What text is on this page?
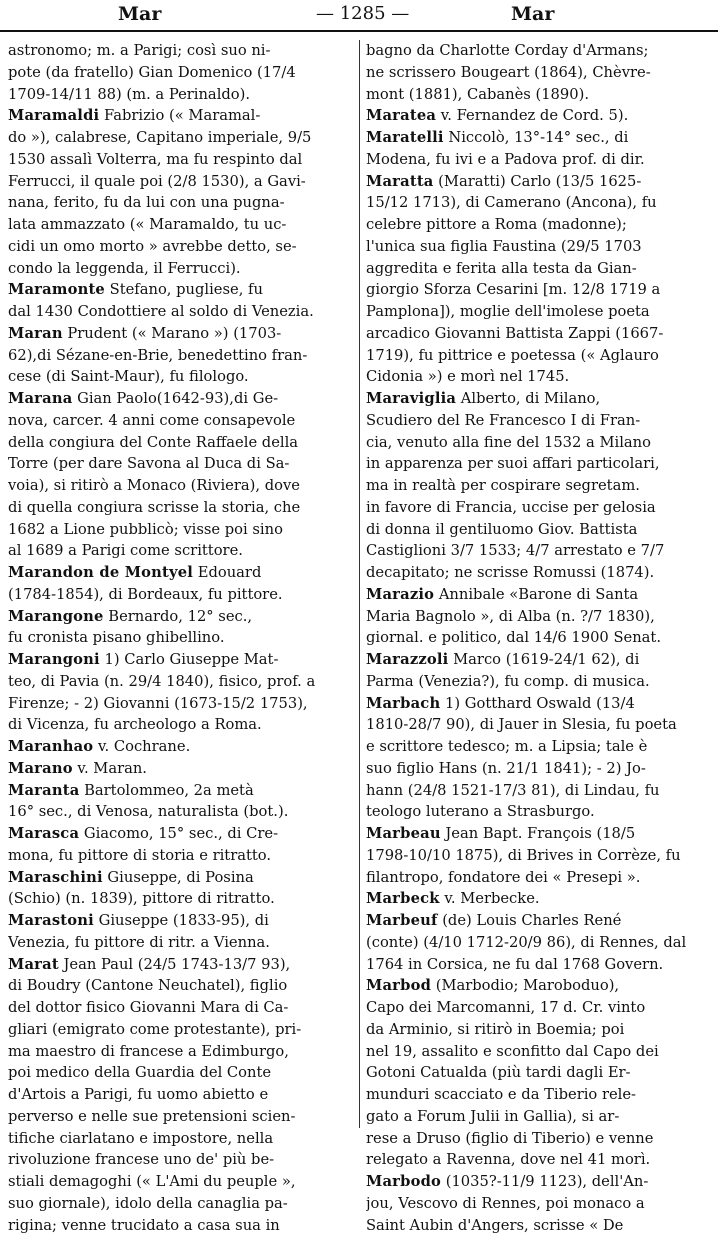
Mar	— 1285 —	Mar
astronomo; m. a Parigi; così suo ni-
pote (da fratello) Gian Domenico (17/4
1709-14/11 88) (m. a Perinaldo).
Maramaldi Fabrizio (« Maramal-
do »), calabrese, Capitano imperiale, 9/5
1530 assalì Volterra, ma fu respinto dal
Ferrucci, il quale poi (2/8 1530), a Gavi-
nana, ferito, fu da lui con una pugna-
lata ammazzato (« Maramaldo, tu uc-
cidi un omo morto » avrebbe detto, se-
condo la leggenda, il Ferrucci).
Maramonte Stefano, pugliese, fu
dal 1430 Condottiere al soldo di Venezia.
Maran Prudent (« Marano ») (1703-
62),di Sézane-en-Brie, benedettino fran-
cese (di Saint-Maur), fu filologo.
Marana Gian Paolo(1642-93),di Ge-
nova, carcer. 4 anni come consapevole
della congiura del Conte Raffaele della
Torre (per dare Savona al Duca di Sa-
voia), si ritirò a Monaco (Riviera), dove
di quella congiura scrisse la storia, che
1682 a Lione pubblicò; visse poi sino
al 1689 a Parigi come scrittore.
Marandon de Montyel Edouard
(1784-1854), di Bordeaux, fu pittore.
Marangone Bernardo, 12° sec.,
fu cronista pisano ghibellino.
Marangoni 1) Carlo Giuseppe Mat-
teo, di Pavia (n. 29/4 1840), fisico, prof. a
Firenze; - 2) Giovanni (1673-15/2 1753),
di Vicenza, fu archeologo a Roma.
Maranhao v. Cochrane.
Marano v. Maran.
Maranta Bartolommeo, 2a metà
16° sec., di Venosa, naturalista (bot.).
Marasca Giacomo, 15° sec., di Cre-
mona, fu pittore di storia e ritratto.
Maraschini Giuseppe, di Posina
(Schio) (n. 1839), pittore di ritratto.
Marastoni Giuseppe (1833-95), di
Venezia, fu pittore di ritr. a Vienna.
Marat Jean Paul (24/5 1743-13/7 93),
di Boudry (Cantone Neuchatel), figlio
del dottor fisico Giovanni Mara di Ca-
gliari (emigrato come protestante), pri-
ma maestro di francese a Edimburgo,
poi medico della Guardia del Conte
d'Artois a Parigi, fu uomo abietto e
perverso e nelle sue pretensioni scien-
tifiche ciarlatano e impostore, nella
rivoluzione francese uno de' più be-
stiali demagoghi (« L'Ami du peuple »,
suo giornale), idolo della canaglia pa-
rigina; venne trucidato a casa sua in
bagno da Charlotte Corday d'Armans;
ne scrissero Bougeart (1864), Chèvre-
mont (1881), Cabanès (1890).
Maratea v. Fernandez de Cord. 5).
Maratelli Niccolò, 13°-14° sec., di
Modena, fu ivi e a Padova prof. di dir.
Maratta (Maratti) Carlo (13/5 1625-
15/12 1713), di Camerano (Ancona), fu
celebre pittore a Roma (madonne);
l'unica sua figlia Faustina (29/5 1703
aggredita e ferita alla testa da Gian-
giorgio Sforza Cesarini [m. 12/8 1719 a
Pamplona]), moglie dell'imolese poeta
arcadico Giovanni Battista Zappi (1667-
1719), fu pittrice e poetessa (« Aglauro
Cidonia ») e morì nel 1745.
Maraviglia Alberto, di Milano,
Scudiero del Re Francesco I di Fran-
cia, venuto alla fine del 1532 a Milano
in apparenza per suoi affari particolari,
ma in realtà per cospirare segretam.
in favore di Francia, uccise per gelosia
di donna il gentiluomo Giov. Battista
Castiglioni 3/7 1533; 4/7 arrestato e 7/7
decapitato; ne scrisse Romussi (1874).
Marazio Annibale «Barone di Santa
Maria Bagnolo », di Alba (n. ?/7 1830),
giornal. e politico, dal 14/6 1900 Senat.
Marazzoli Marco (1619-24/1 62), di
Parma (Venezia?), fu comp. di musica.
Marbach 1) Gotthard Oswald (13/4
1810-28/7 90), di Jauer in Slesia, fu poeta
e scrittore tedesco; m. a Lipsia; tale è
suo figlio Hans (n. 21/1 1841); - 2) Jo-
hann (24/8 1521-17/3 81), di Lindau, fu
teologo luterano a Strasburgo.
Marbeau Jean Bapt. François (18/5
1798-10/10 1875), di Brives in Corrèze, fu
filantropo, fondatore dei « Presepi ».
Marbeck v. Merbecke.
Marbeuf (de) Louis Charles René
(conte) (4/10 1712-20/9 86), di Rennes, dal
1764 in Corsica, ne fu dal 1768 Govern.
Marbod (Marbodio; Maroboduo),
Capo dei Marcomanni, 17 d. Cr. vinto
da Arminio, si ritirò in Boemia; poi
nel 19, assalito e sconfitto dal Capo dei
Gotoni Catualda (più tardi dagli Er-
munduri scacciato e da Tiberio rele-
gato a Forum Julii in Gallia), si ar-
rese a Druso (figlio di Tiberio) e venne
relegato a Ravenna, dove nel 41 morì.
Marbodo (1035?-11/9 1123), dell'An-
jou, Vescovo di Rennes, poi monaco a
Saint Aubin d'Angers, scrisse « De
